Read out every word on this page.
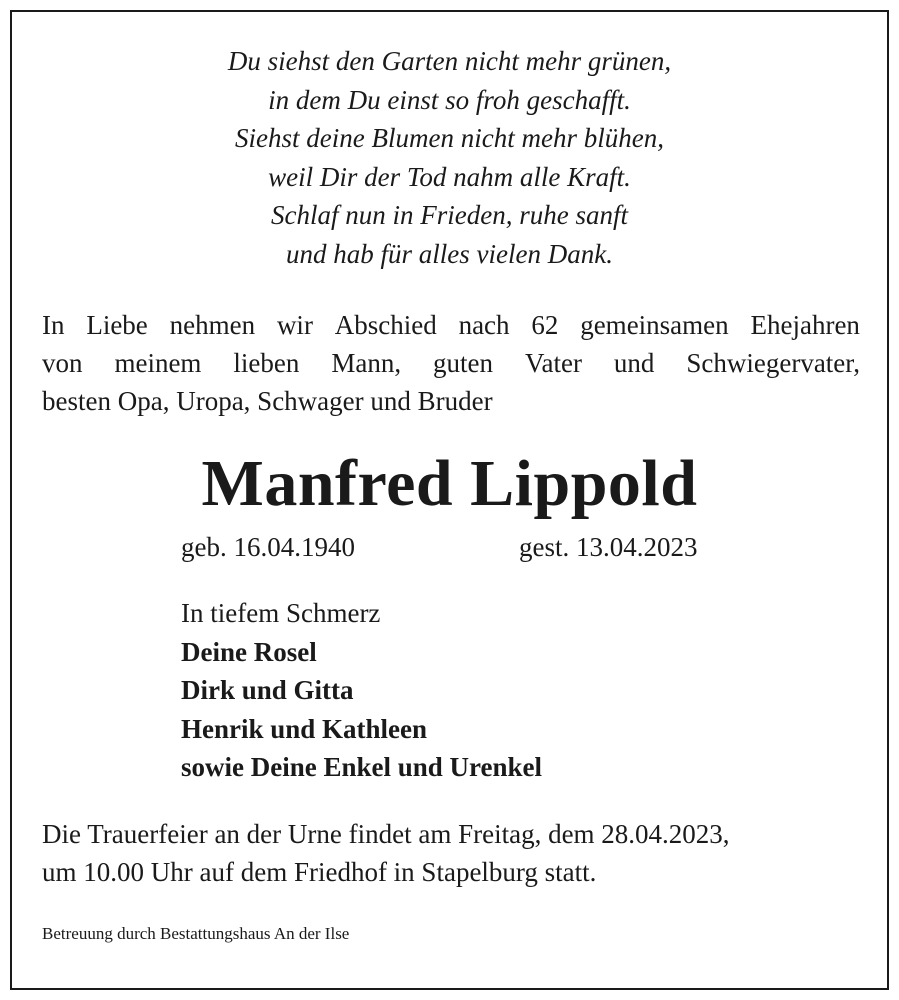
Du siehst den Garten nicht mehr grünen,
in dem Du einst so froh geschafft.
Siehst deine Blumen nicht mehr blühen,
weil Dir der Tod nahm alle Kraft.
Schlaf nun in Frieden, ruhe sanft
und hab für alles vielen Dank.
In Liebe nehmen wir Abschied nach 62 gemeinsamen Ehejahren
von meinem lieben Mann, guten Vater und Schwiegervater,
besten Opa, Uropa, Schwager und Bruder
Manfred Lippold
geb. 16.04.1940	gest. 13.04.2023
In tiefem Schmerz
Deine Rosel
Dirk und Gitta
Henrik und Kathleen
sowie Deine Enkel und Urenkel
Die Trauerfeier an der Urne findet am Freitag, dem 28.04.2023,
um 10.00 Uhr auf dem Friedhof in Stapelburg statt.
Betreuung durch Bestattungshaus An der Ilse
